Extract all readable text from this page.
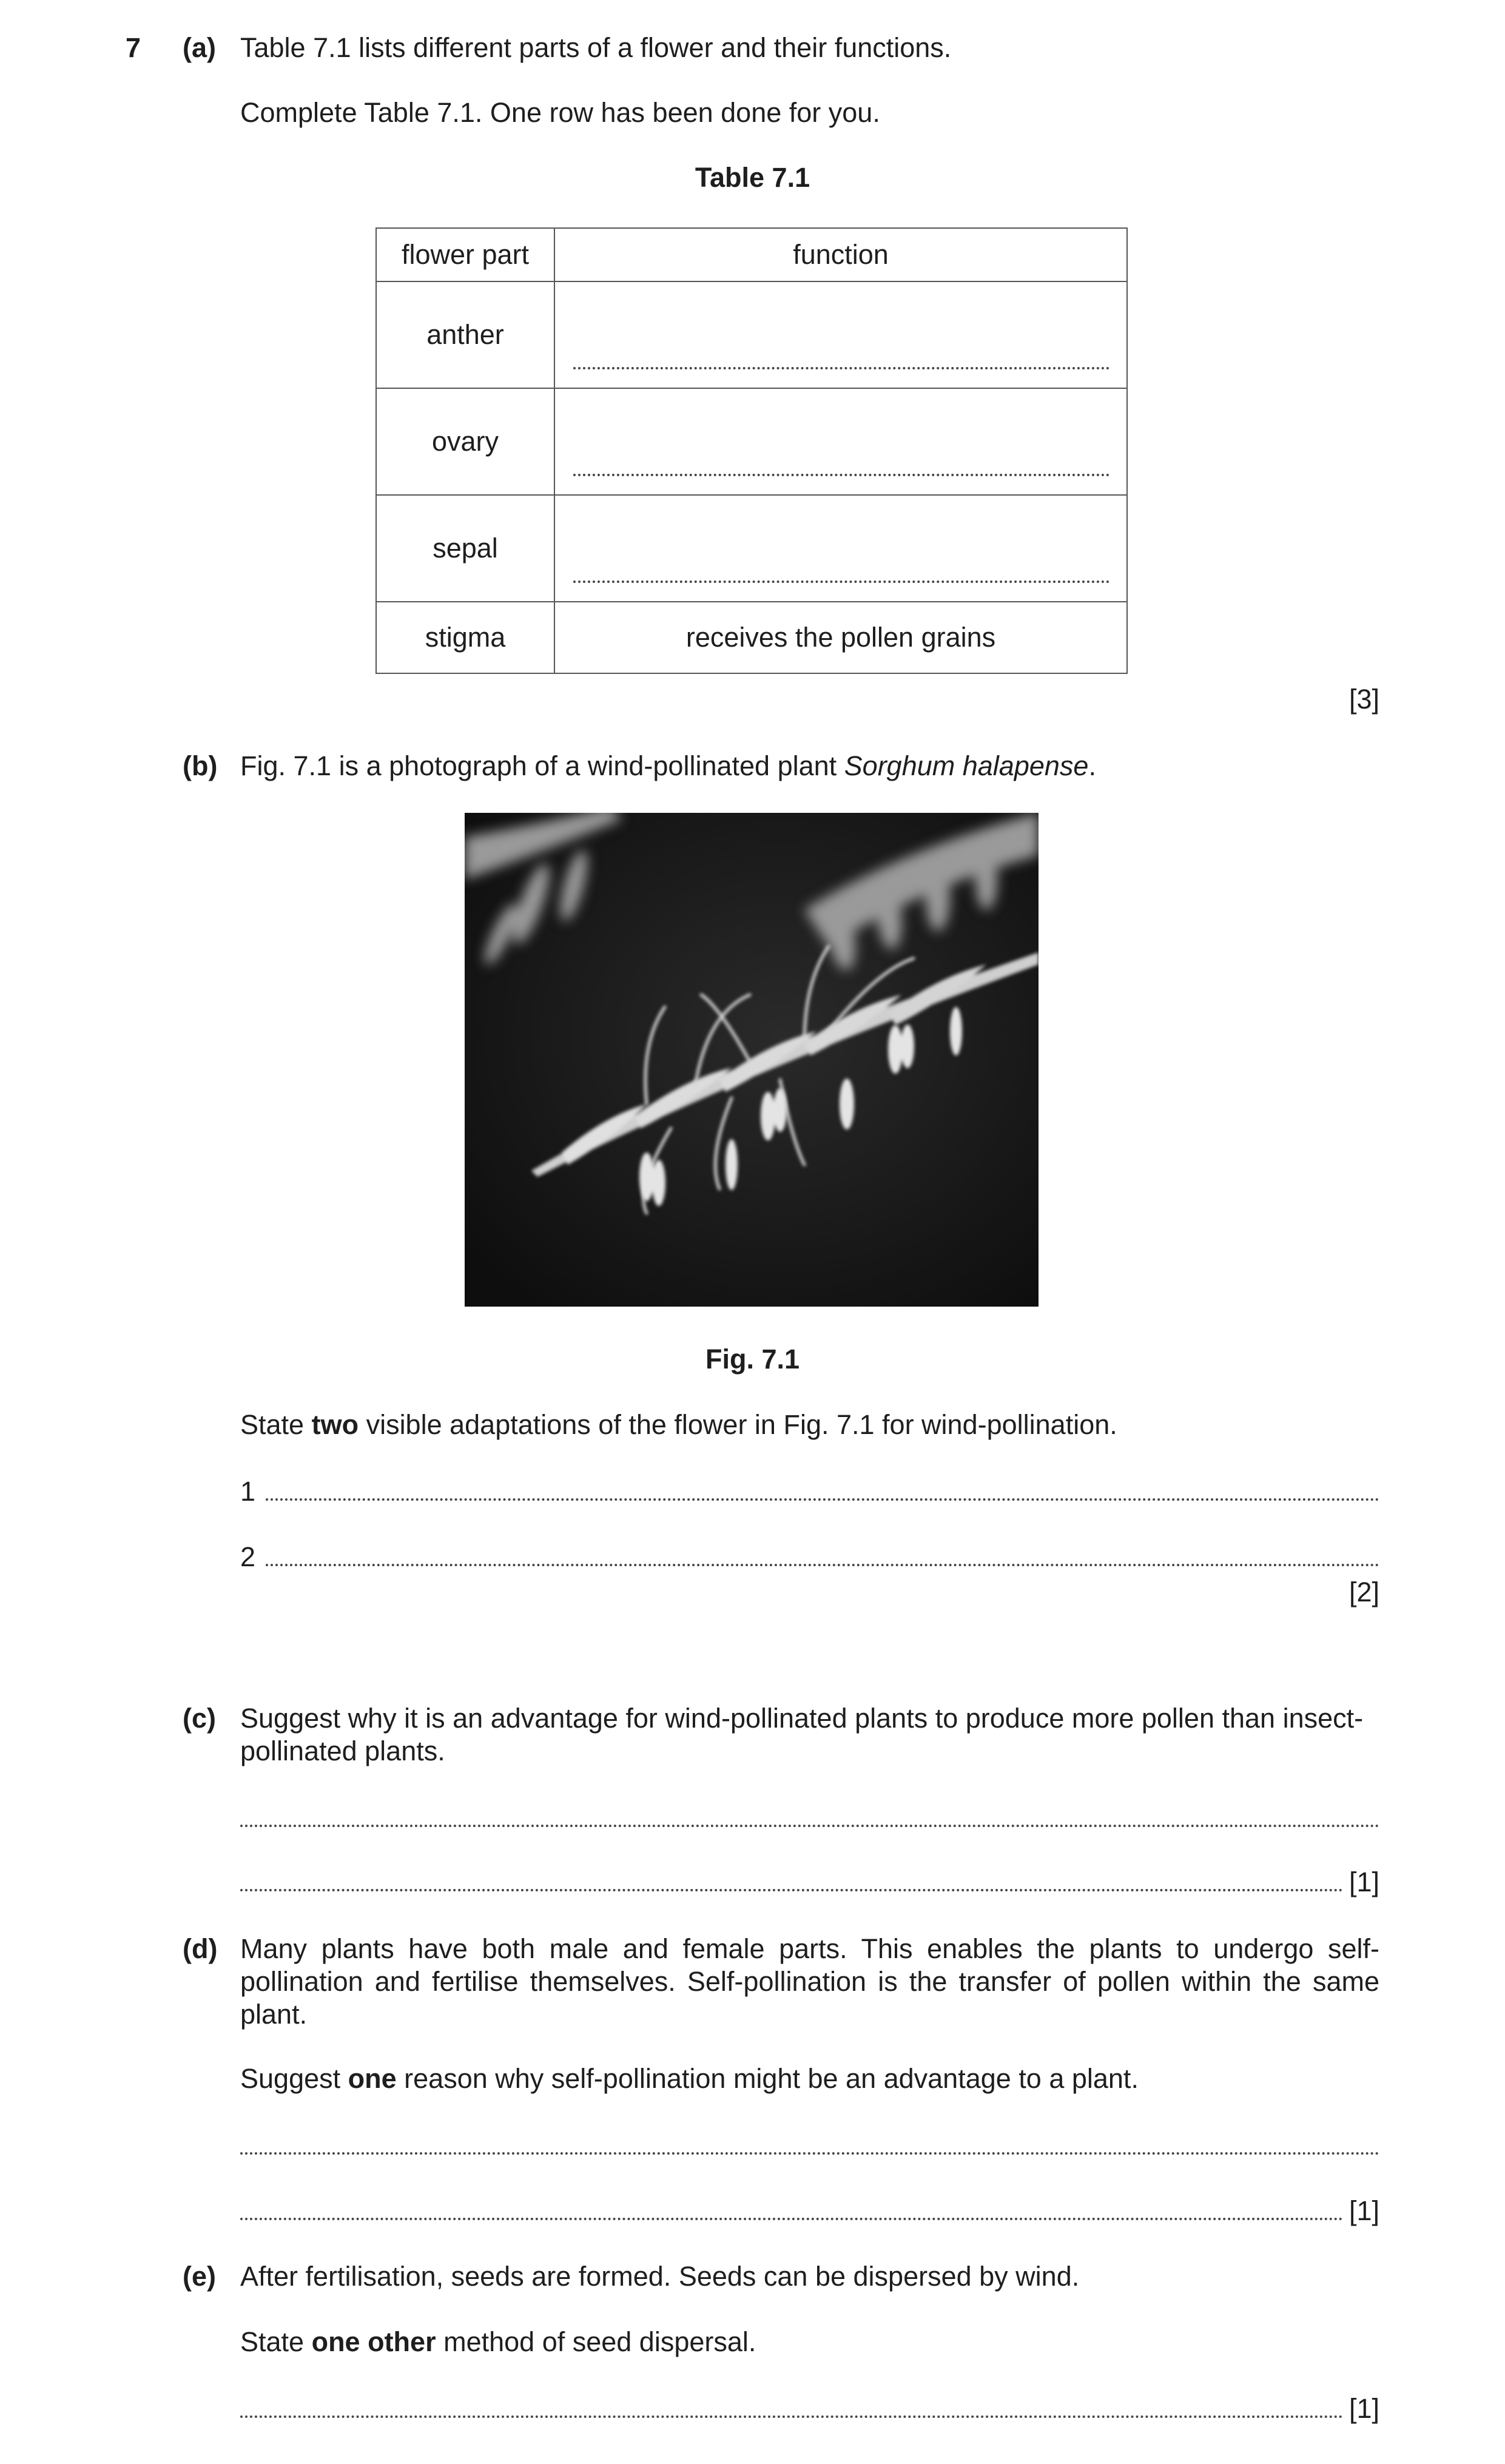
7 (a) Table 7.1 lists different parts of a flower and their functions.
Complete Table 7.1. One row has been done for you.
Table 7.1
flower part	function
anther	

ovary	

sepal	

stigma	receives the pollen grains
[3]
(b) Fig. 7.1 is a photograph of a wind-pollinated plant Sorghum halapense.
Fig. 7.1
State two visible adaptations of the flower in Fig. 7.1 for wind-pollination.
1
2
[2]
(c) Suggest why it is an advantage for wind-pollinated plants to produce more pollen than insect-pollinated plants.
[1]
(d) Many plants have both male and female parts. This enables the plants to undergo self-pollination and fertilise themselves. Self-pollination is the transfer of pollen within the same plant.
Suggest one reason why self-pollination might be an advantage to a plant.
[1]
(e) After fertilisation, seeds are formed. Seeds can be dispersed by wind.
State one other method of seed dispersal.
[1]
